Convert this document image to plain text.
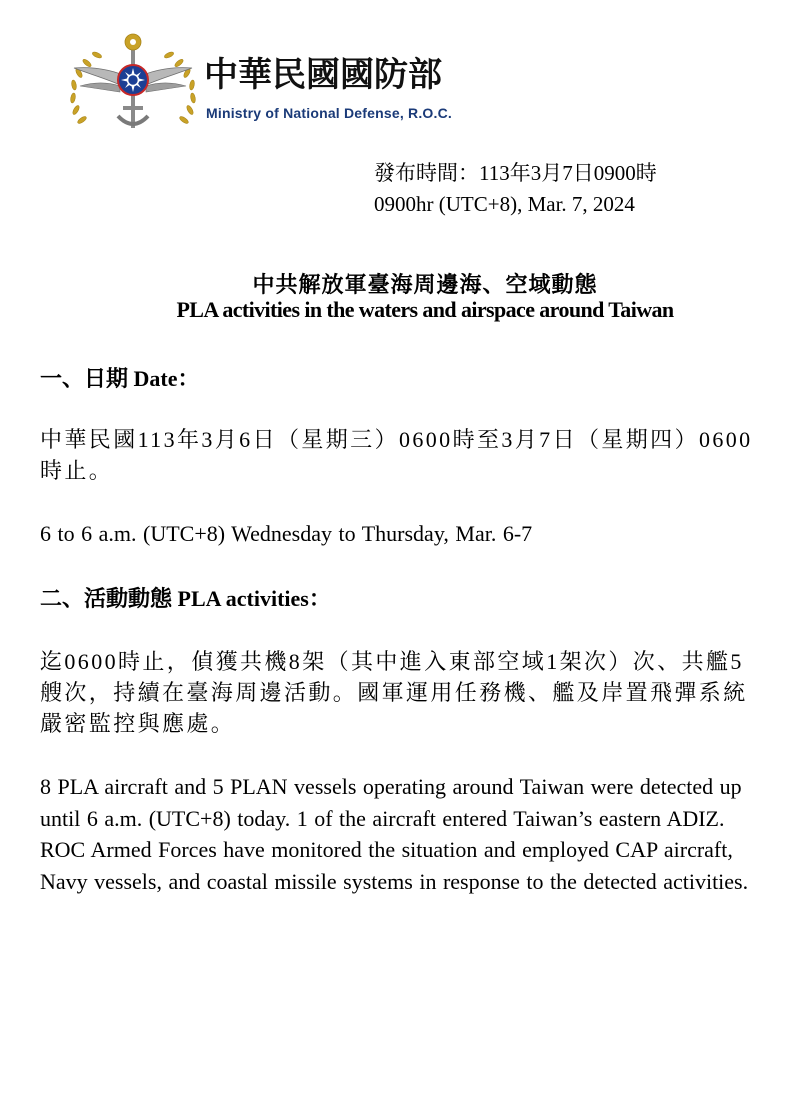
中華民國國防部
Ministry of National Defense, R.O.C.
發布時間：113年3月7日0900時
0900hr (UTC+8), Mar. 7, 2024
中共解放軍臺海周邊海、空域動態
PLA activities in the waters and airspace around Taiwan
一、日期 Date：
中華民國113年3月6日（星期三）0600時至3月7日（星期四）0600時止。
6 to 6 a.m. (UTC+8) Wednesday to Thursday, Mar. 6-7
二、活動動態 PLA activities：
迄0600時止，偵獲共機8架（其中進入東部空域1架次）次、共艦5艘次，持續在臺海周邊活動。國軍運用任務機、艦及岸置飛彈系統嚴密監控與應處。
8 PLA aircraft and 5 PLAN vessels operating around Taiwan were detected up until 6 a.m. (UTC+8) today. 1 of the aircraft entered Taiwan’s eastern ADIZ. ROC Armed Forces have monitored the situation and employed CAP aircraft, Navy vessels, and coastal missile systems in response to the detected activities.
